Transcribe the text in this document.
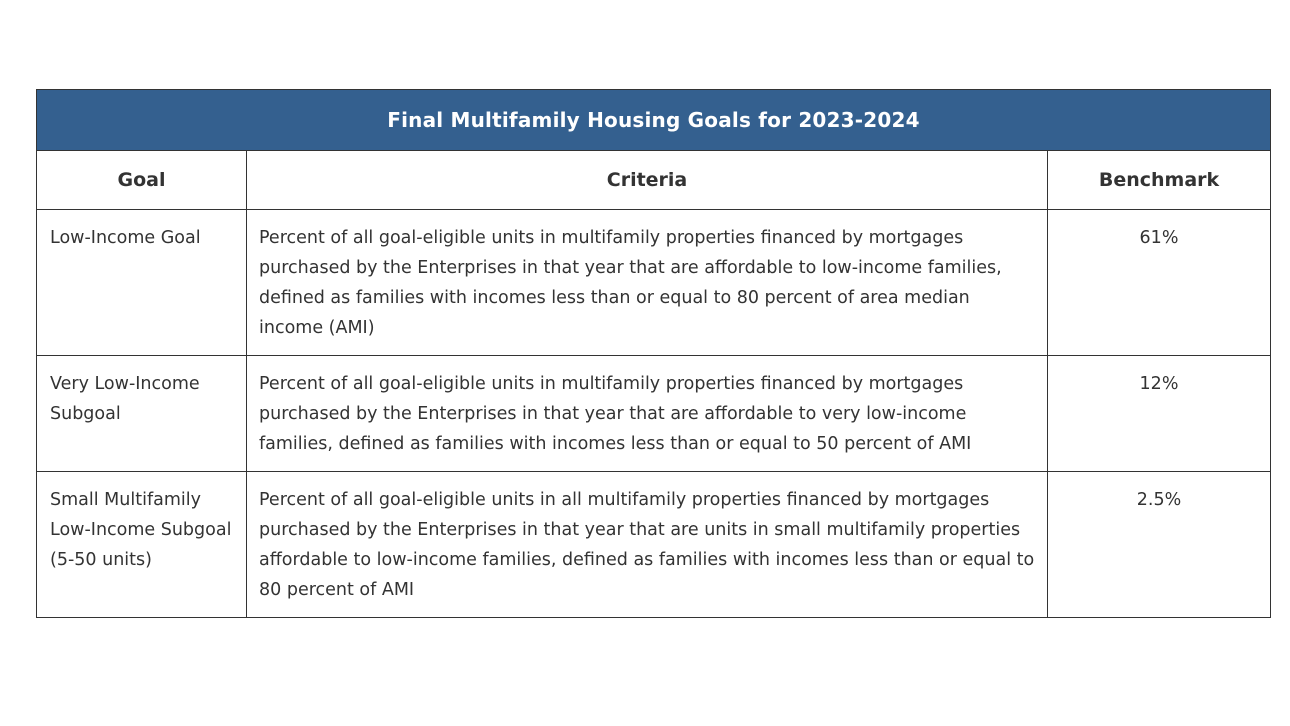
Final Multifamily Housing Goals for 2023-2024		
Goal	Criteria	Benchmark
Low-Income Goal	Percent of all goal-eligible units in multifamily properties financed by mortgages purchased by the Enterprises in that year that are affordable to low-income families, defined as families with incomes less than or equal to 80 percent of area median income (AMI)	61%
Very Low-Income Subgoal	Percent of all goal-eligible units in multifamily properties financed by mortgages purchased by the Enterprises in that year that are affordable to very low-income families, defined as families with incomes less than or equal to 50 percent of AMI	12%
Small Multifamily Low-Income Subgoal (5-50 units)	Percent of all goal-eligible units in all multifamily properties financed by mortgages purchased by the Enterprises in that year that are units in small multifamily properties affordable to low-income families, defined as families with incomes less than or equal to 80 percent of AMI	2.5%
